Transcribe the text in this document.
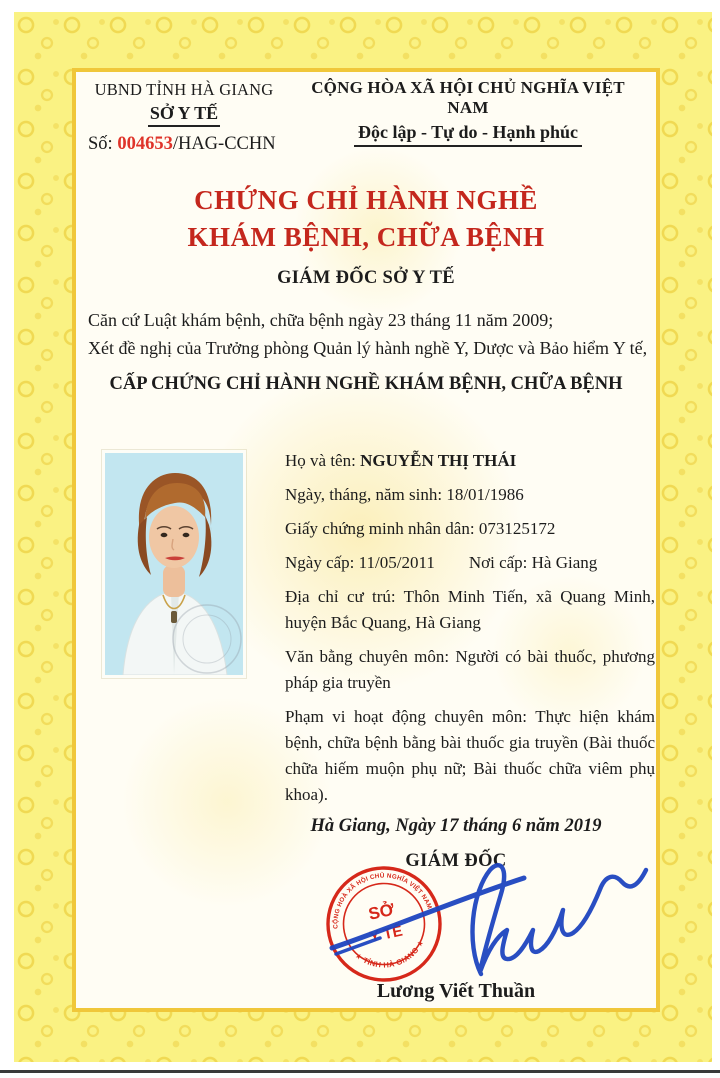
UBND TỈNH HÀ GIANG
SỞ Y TẾ
CỘNG HÒA XÃ HỘI CHỦ NGHĨA VIỆT NAM
Độc lập - Tự do - Hạnh phúc
Số: 004653/HAG-CCHN
CHỨNG CHỈ HÀNH NGHỀ
KHÁM BỆNH, CHỮA BỆNH
GIÁM ĐỐC SỞ Y TẾ
Căn cứ Luật khám bệnh, chữa bệnh ngày 23 tháng 11 năm 2009;
Xét đề nghị của Trưởng phòng Quản lý hành nghề Y, Dược và Bảo hiểm Y tế,
CẤP CHỨNG CHỈ HÀNH NGHỀ KHÁM BỆNH, CHỮA BỆNH

Họ và tên: NGUYỄN THỊ THÁI

Ngày, tháng, năm sinh: 18/01/1986

Giấy chứng minh nhân dân: 073125172

Ngày cấp: 11/05/2011 Nơi cấp: Hà Giang

Địa chỉ cư trú: Thôn Minh Tiến, xã Quang Minh, huyện Bắc Quang, Hà Giang

Văn bằng chuyên môn: Người có bài thuốc, phương pháp gia truyền

Phạm vi hoạt động chuyên môn: Thực hiện khám bệnh, chữa bệnh bằng bài thuốc gia truyền (Bài thuốc chữa hiếm muộn phụ nữ; Bài thuốc chữa viêm phụ khoa).

Hà Giang, Ngày 17 tháng 6 năm 2019
GIÁM ĐỐC
CỘNG HOÀ XÃ HỘI CHỦ NGHĨA VIỆT NAM
★ TỈNH HÀ GIANG ★
SỞ
Y TẾ
Lương Viết Thuần
